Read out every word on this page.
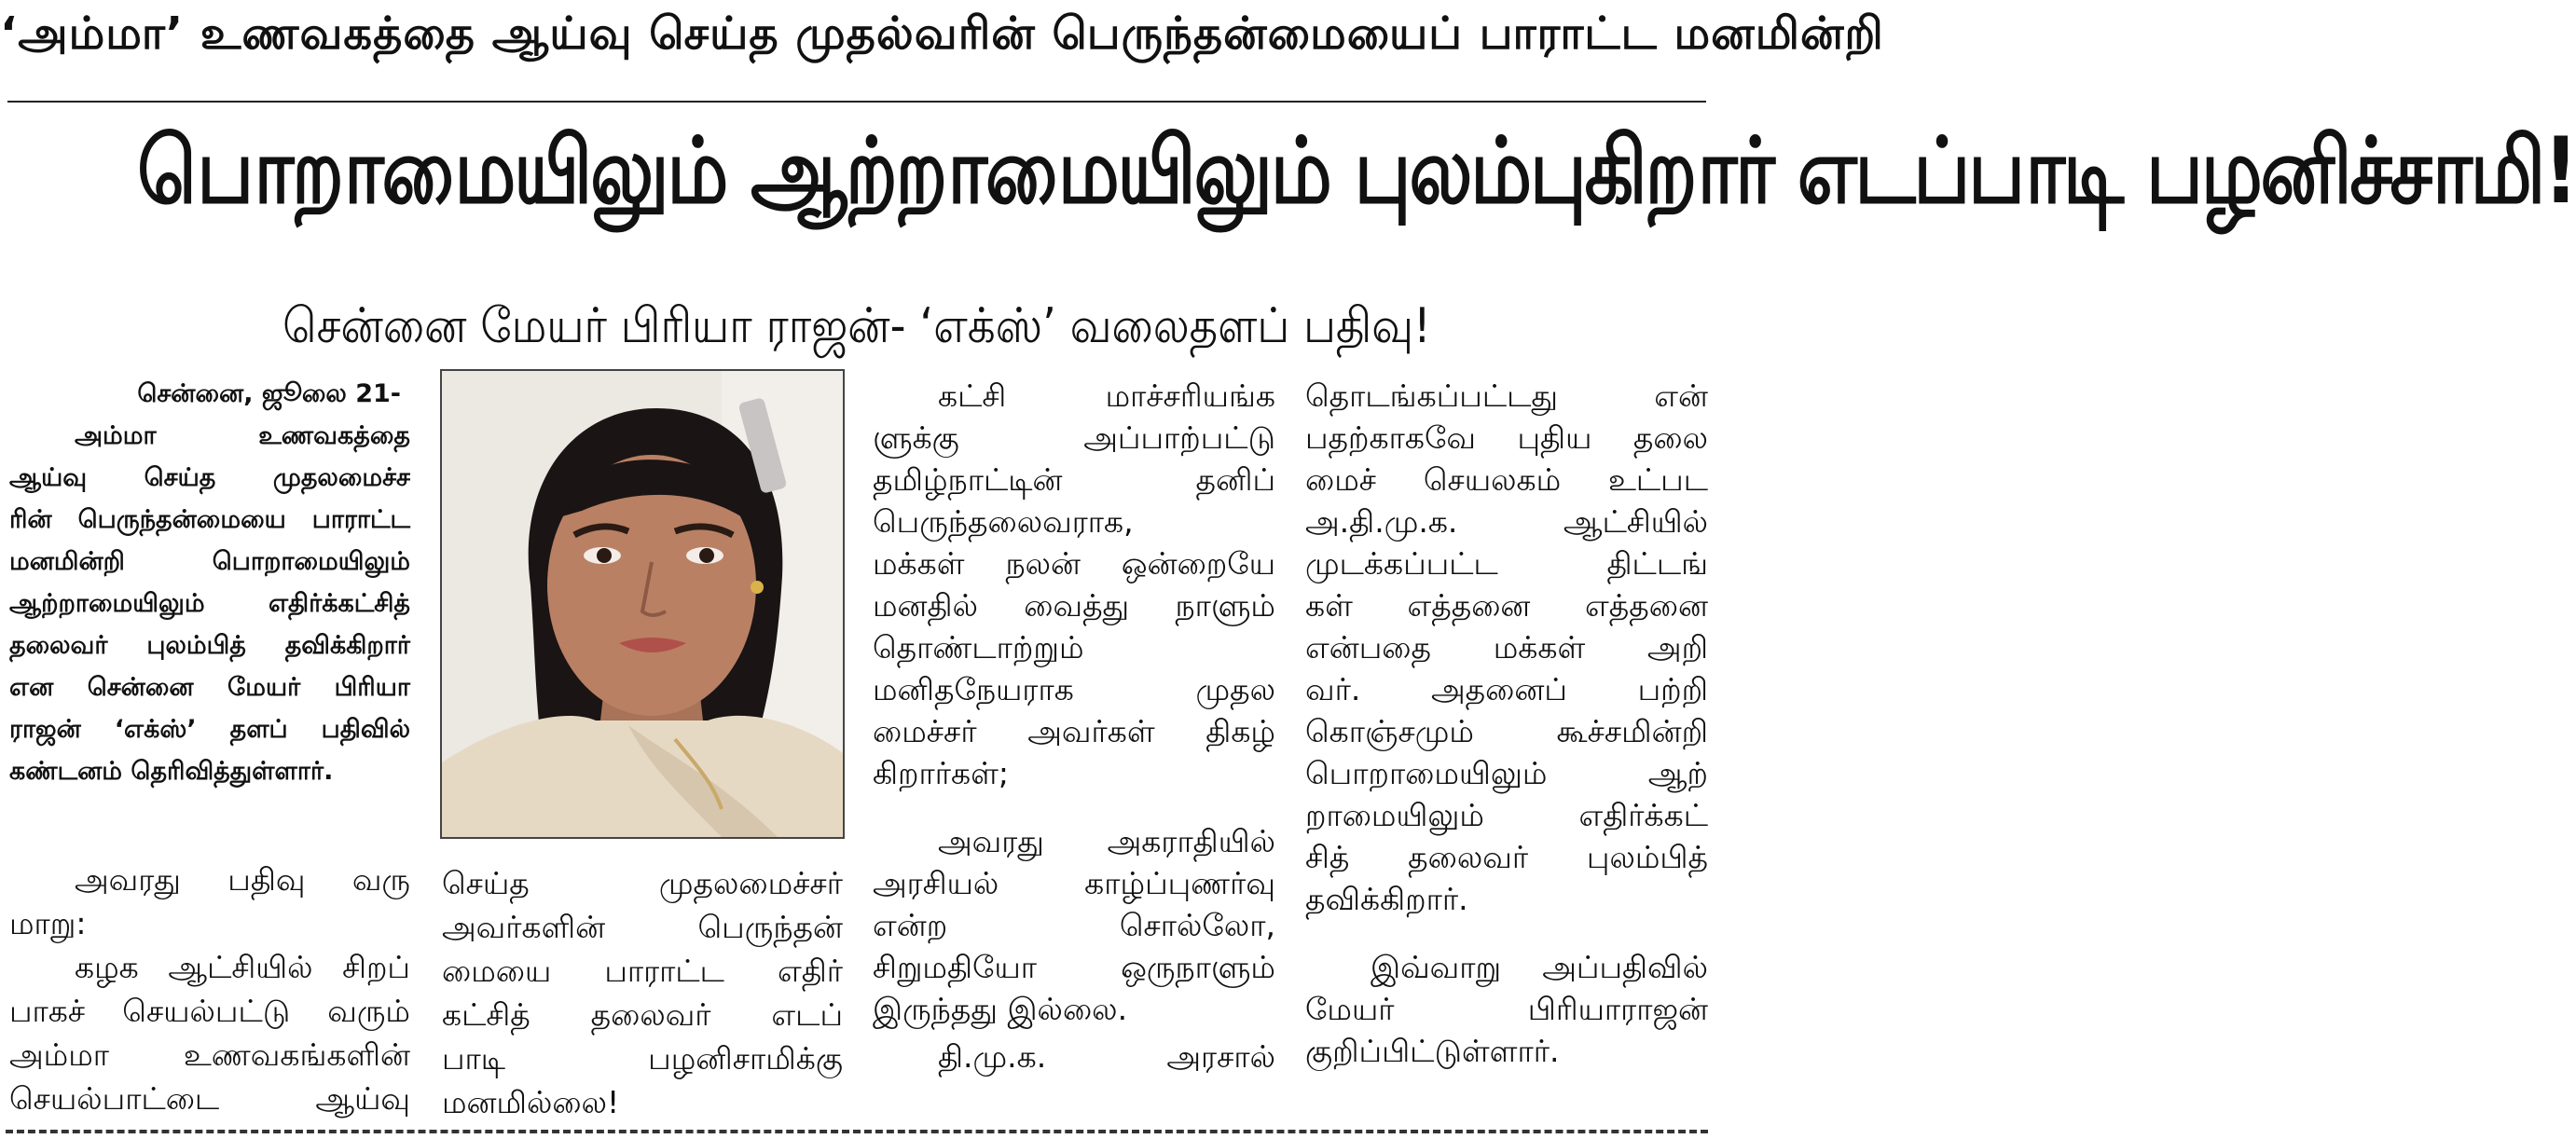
‘அம்மா’ உணவகத்தை ஆய்வு செய்த முதல்வரின் பெருந்தன்மையைப் பாராட்ட மனமின்றி
பொறாமையிலும் ஆற்றாமையிலும் புலம்புகிறார் எடப்பாடி பழனிச்சாமி!
சென்னை மேயர் பிரியா ராஜன்- ‘எக்ஸ்’ வலைதளப் பதிவு!
சென்னை, ஜூலை 21-
அம்மா உணவகத்தை
ஆய்வு செய்த முதலமைச்ச
ரின் பெருந்தன்மையை பாராட்ட
மனமின்றி பொறாமையிலும்
ஆற்றாமையிலும் எதிர்க்கட்சித்
தலைவர் புலம்பித் தவிக்கிறார்
என சென்னை மேயர் பிரியா
ராஜன் ‘எக்ஸ்’ தளப் பதிவில்
கண்டனம் தெரிவித்துள்ளார்.
அவரது பதிவு வரு
மாறு:
கழக ஆட்சியில் சிறப்
பாகச் செயல்பட்டு வரும்
அம்மா உணவகங்களின்
செயல்பாட்டை ஆய்வு
செய்த முதலமைச்சர்
அவர்களின் பெருந்தன்
மையை பாராட்ட எதிர்
கட்சித் தலைவர் எடப்
பாடி பழனிசாமிக்கு
மனமில்லை!
கட்சி மாச்சரியங்க
ளுக்கு அப்பாற்பட்டு
தமிழ்நாட்டின் தனிப்
பெருந்தலைவராக,
மக்கள் நலன் ஒன்றையே
மனதில் வைத்து நாளும்
தொண்டாற்றும்
மனிதநேயராக முதல
மைச்சர் அவர்கள் திகழ்
கிறார்கள்;
அவரது அகராதியில்
அரசியல் காழ்ப்புணர்வு
என்ற சொல்லோ,
சிறுமதியோ ஒருநாளும்
இருந்தது இல்லை.
தி.மு.க. அரசால்
தொடங்கப்பட்டது என்
பதற்காகவே புதிய தலை
மைச் செயலகம் உட்பட
அ.தி.மு.க. ஆட்சியில்
முடக்கப்பட்ட திட்டங்
கள் எத்தனை எத்தனை
என்பதை மக்கள் அறி
வர். அதனைப் பற்றி
கொஞ்சமும் கூச்சமின்றி
பொறாமையிலும் ஆற்
றாமையிலும் எதிர்க்கட்
சித் தலைவர் புலம்பித்
தவிக்கிறார்.
இவ்வாறு அப்பதிவில்
மேயர் பிரியாராஜன்
குறிப்பிட்டுள்ளார்.
